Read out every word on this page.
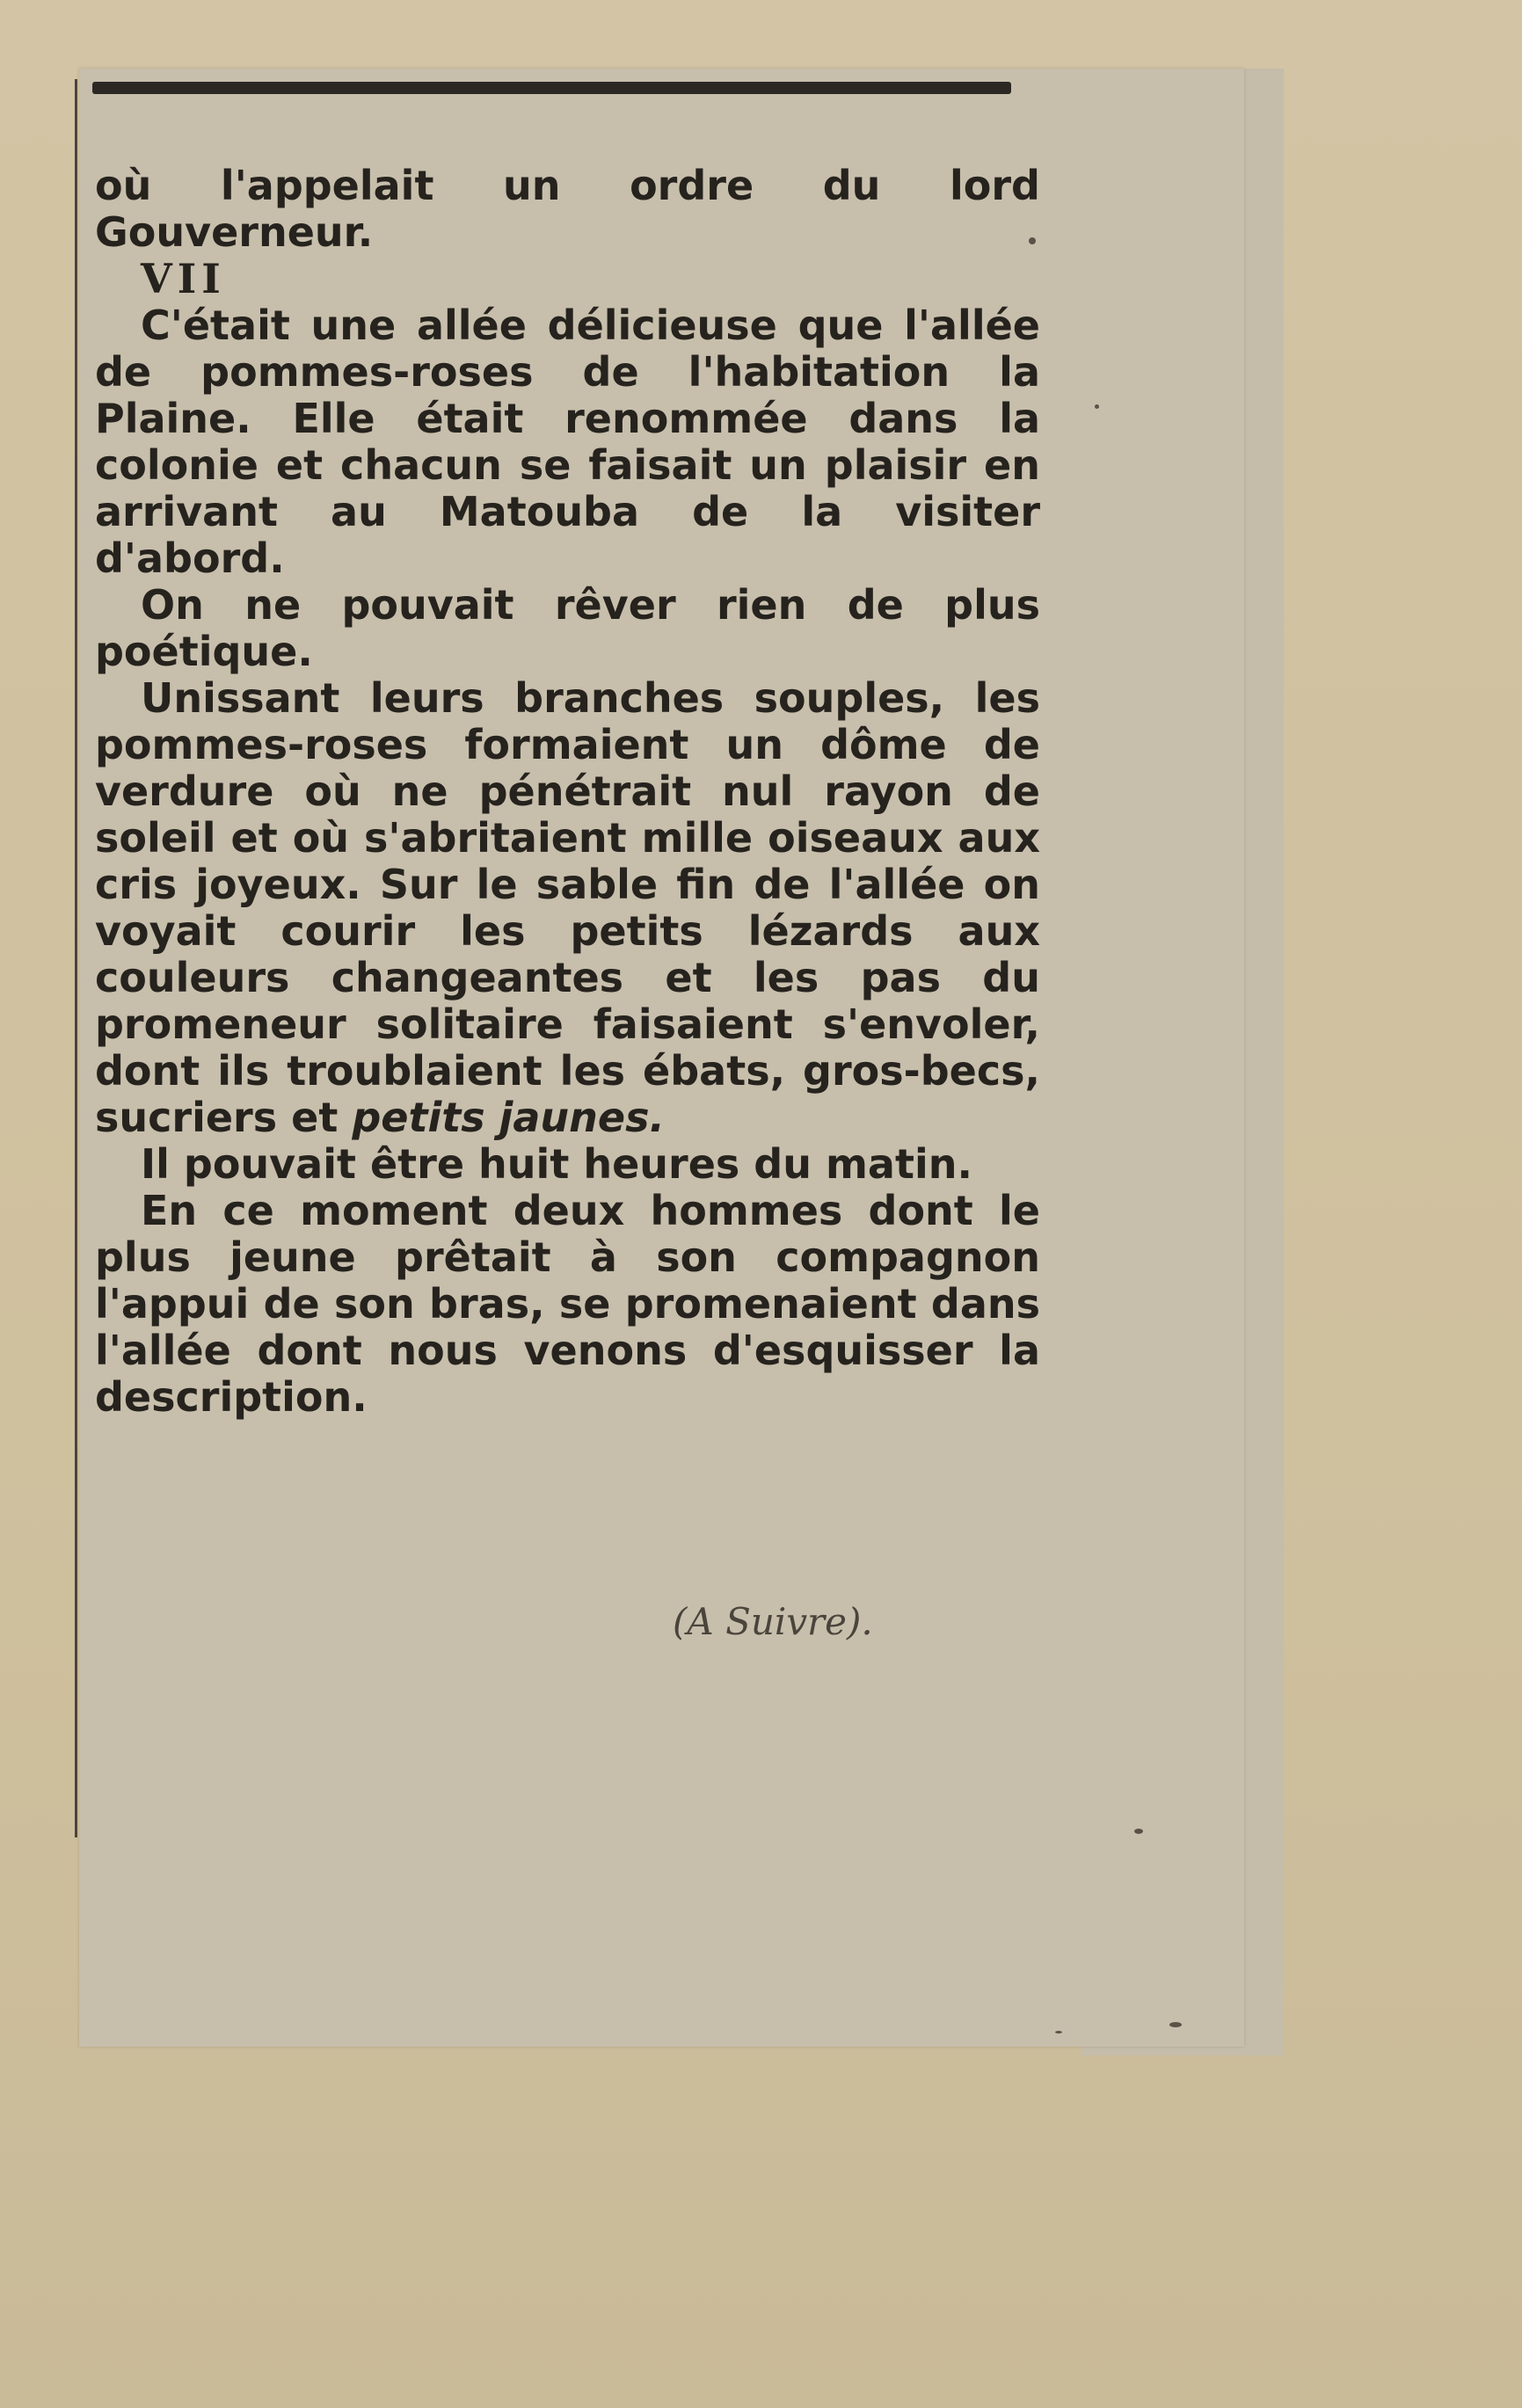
où l'appelait un ordre du lord Gouverneur.

VII

C'était une allée délicieuse que l'allée de pommes-roses de l'habitation la Plaine. Elle était renommée dans la colonie et chacun se faisait un plaisir en arrivant au Matouba de la visiter d'abord.

On ne pouvait rêver rien de plus poétique.

Unissant leurs branches souples, les pommes-roses formaient un dôme de verdure où ne pénétrait nul rayon de soleil et où s'abritaient mille oiseaux aux cris joyeux. Sur le sable fin de l'allée on voyait courir les petits lézards aux couleurs changeantes et les pas du promeneur solitaire faisaient s'envoler, dont ils troublaient les ébats, gros-becs, sucriers et petits jaunes.

Il pouvait être huit heures du matin.

En ce moment deux hommes dont le plus jeune prêtait à son compagnon l'appui de son bras, se promenaient dans l'allée dont nous venons d'esquisser la description.

(A Suivre).
